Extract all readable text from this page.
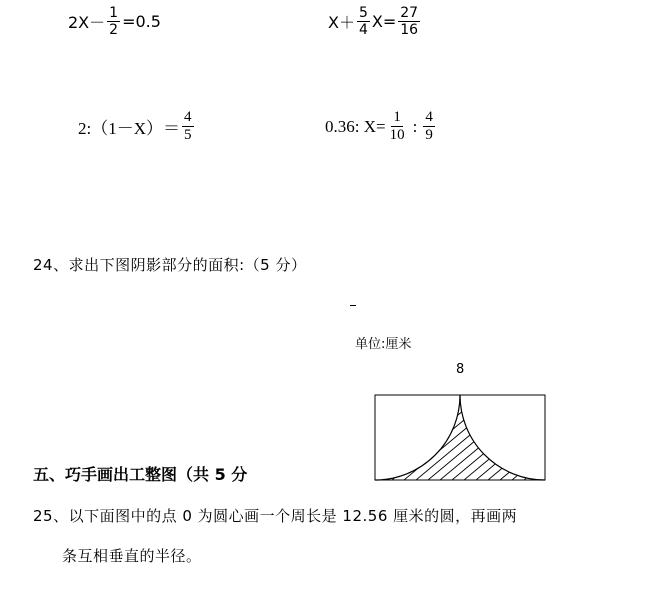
$2X- \frac{1}{2} =0.5$	$X+ \frac{5}{4} X= \frac{27}{16}$
2:（1－X）＝ $\frac{4}{5}$	0.36: $X= \frac{1}{10}$ : $\frac{4}{9}$
24、求出下图阴影部分的面积:（5 分）
单位:厘米
8
五、巧手画出工整图（共 5 分
25、以下面图中的点 0 为圆心画一个周长是 12.56 厘米的圆，再画两
条互相垂直的半径。
